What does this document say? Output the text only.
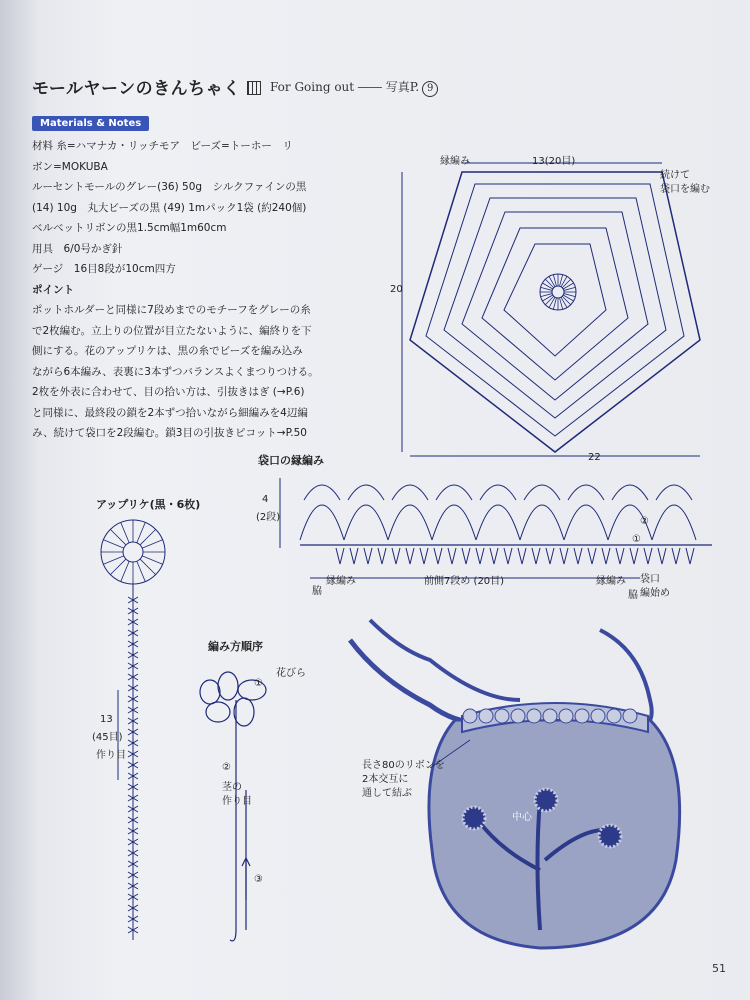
モールヤーンのきんちゃく	For Going out ―― 写真P. 9
Materials & Notes

材料 糸=ハマナカ・リッチモア　ビーズ=トーホー　リ

ボン=MOKUBA

ルーセントモールのグレー(36) 50g　シルクファインの黒

(14) 10g　丸大ビーズの黒 (49) 1mパック1袋 (約240個)

ベルベットリボンの黒1.5cm幅1m60cm

用具　6/0号かぎ針

ゲージ　16目8段が10cm四方

ポイント

ポットホルダーと同様に7段めまでのモチーフをグレーの糸

で2枚編む。立上りの位置が目立たないように、編終りを下

側にする。花のアップリケは、黒の糸でビーズを編み込み

ながら6本編み、表裏に3本ずつバランスよくまつりつける。

2枚を外表に合わせて、目の拾い方は、引抜きはぎ (→P.6)

と同様に、最終段の鎖を2本ずつ拾いながら細編みを4辺編

み、続けて袋口を2段編む。鎖3目の引抜きピコット→P.50

縁編み	13(20目)
続けて
袋口を編む
20
22
袋口の縁編み
4
(2段)
脇
縁編み	前側7段め (20目)	縁編み
脇
袋口
編始め
②
①
アップリケ(黒・6枚)
13
(45目)
作り目
編み方順序
花びら
①
②
茎の
作り目
③
長さ80のリボンを
2本交互に
通して結ぶ
中心
51
